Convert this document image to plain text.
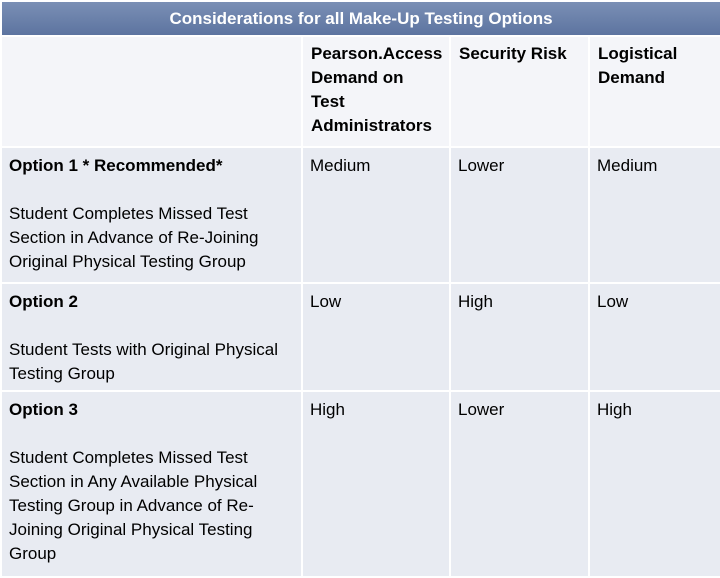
Considerations for all Make-Up Testing Options			
	Pearson.Access Demand on Test Administrators	Security Risk	Logistical Demand

Option 1 * Recommended*
Student Completes Missed Test Section in Advance of Re-Joining Original Physical Testing Group	Medium	Lower	Medium

Option 2
Student Tests with Original Physical Testing Group	Low	High	Low

Option 3
Student Completes Missed Test Section in Any Available Physical Testing Group in Advance of Re-Joining Original Physical Testing Group	High	Lower	High
